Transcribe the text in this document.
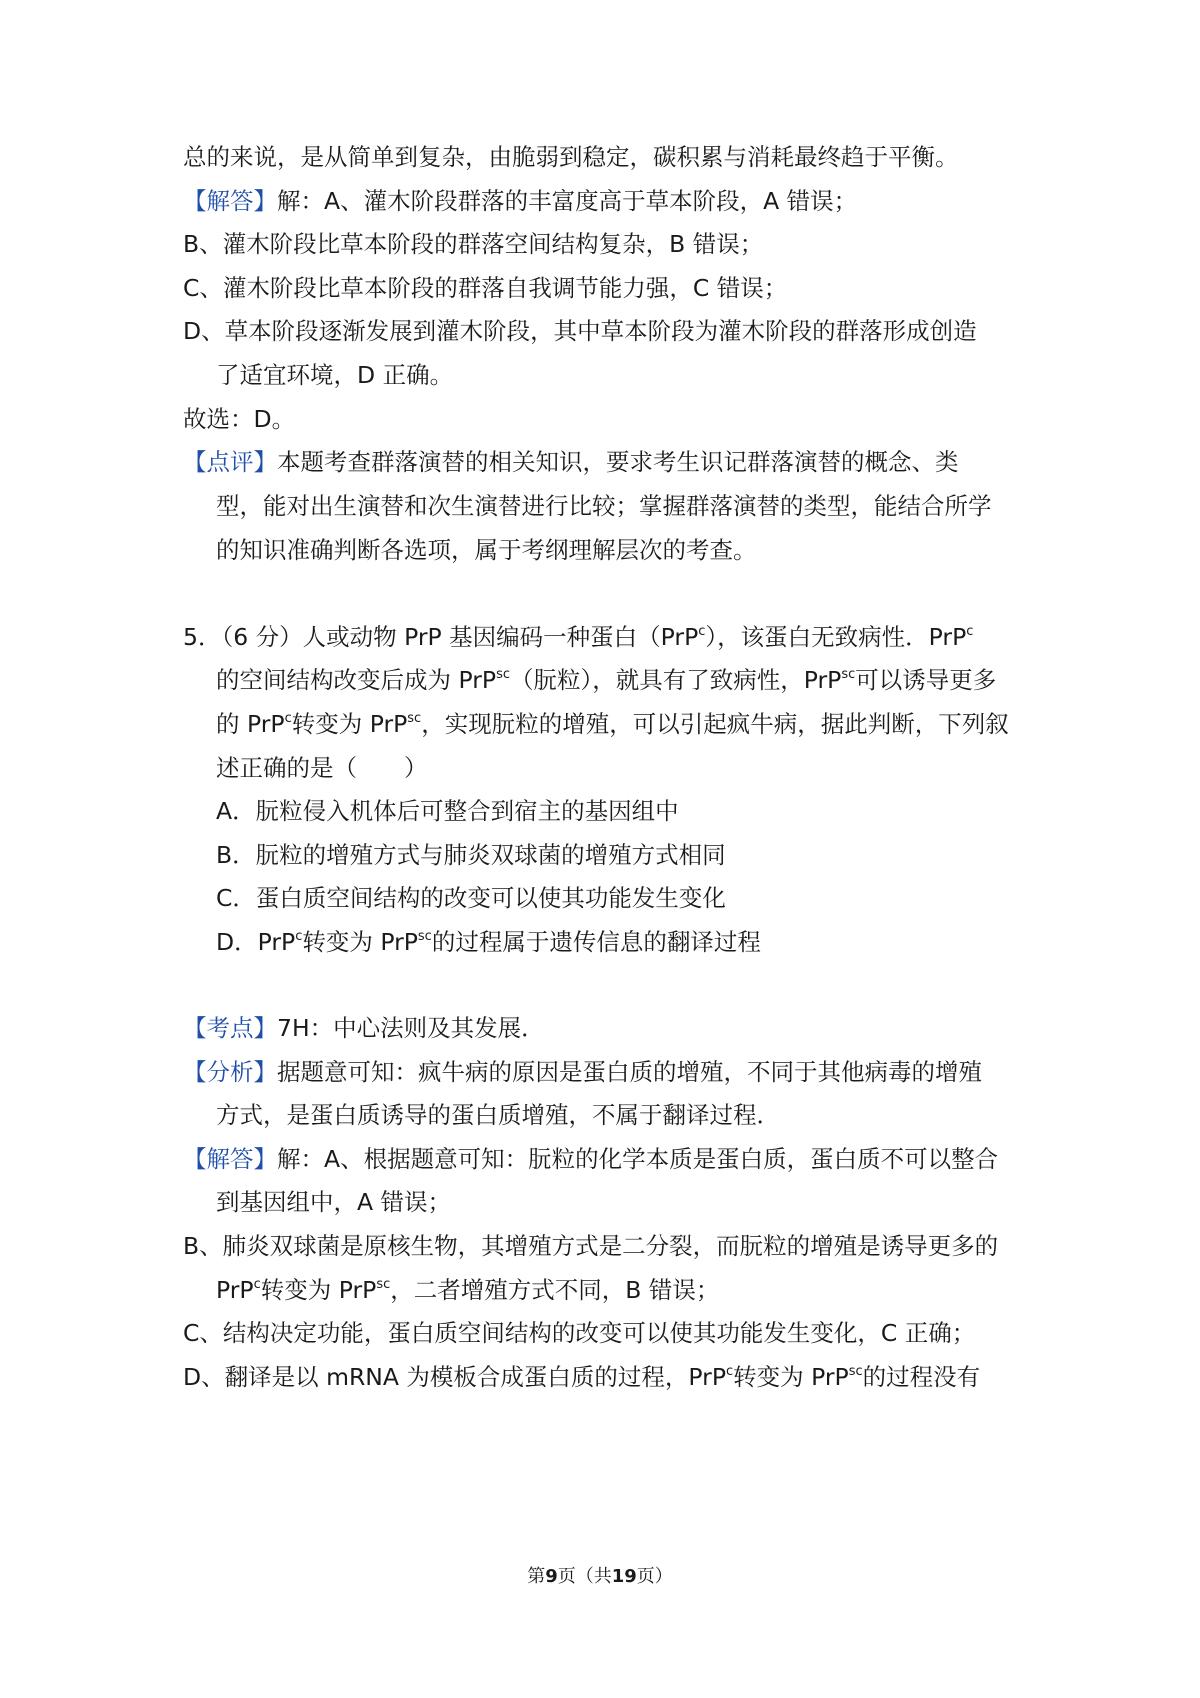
总的来说，是从简单到复杂，由脆弱到稳定，碳积累与消耗最终趋于平衡。
【解答】解：A、灌木阶段群落的丰富度高于草本阶段，A 错误；
B、灌木阶段比草本阶段的群落空间结构复杂，B 错误；
C、灌木阶段比草本阶段的群落自我调节能力强，C 错误；
D、草本阶段逐渐发展到灌木阶段，其中草本阶段为灌木阶段的群落形成创造
了适宜环境，D 正确。
故选：D。
【点评】本题考查群落演替的相关知识，要求考生识记群落演替的概念、类
型，能对出生演替和次生演替进行比较；掌握群落演替的类型，能结合所学
的知识准确判断各选项，属于考纲理解层次的考查。
5．（6 分）人或动物 PrP 基因编码一种蛋白（PrP$^c$），该蛋白无致病性．PrP$^c$
的空间结构改变后成为 PrP$^{sc}$（朊粒），就具有了致病性，PrP$^{sc}$可以诱导更多
的 PrP$^c$转变为 PrP$^{sc}$，实现朊粒的增殖，可以引起疯牛病，据此判断，下列叙
述正确的是（　　）
A．朊粒侵入机体后可整合到宿主的基因组中
B．朊粒的增殖方式与肺炎双球菌的增殖方式相同
C．蛋白质空间结构的改变可以使其功能发生变化
D．PrP$^c$转变为 PrP$^{sc}$的过程属于遗传信息的翻译过程
【考点】7H：中心法则及其发展．
【分析】据题意可知：疯牛病的原因是蛋白质的增殖，不同于其他病毒的增殖
方式，是蛋白质诱导的蛋白质增殖，不属于翻译过程．
【解答】解：A、根据题意可知：朊粒的化学本质是蛋白质，蛋白质不可以整合
到基因组中，A 错误；
B、肺炎双球菌是原核生物，其增殖方式是二分裂，而朊粒的增殖是诱导更多的
PrP$^c$转变为 PrP$^{sc}$，二者增殖方式不同，B 错误；
C、结构决定功能，蛋白质空间结构的改变可以使其功能发生变化，C 正确；
D、翻译是以 mRNA 为模板合成蛋白质的过程，PrP$^c$转变为 PrP$^{sc}$的过程没有
第9页（共19页）
